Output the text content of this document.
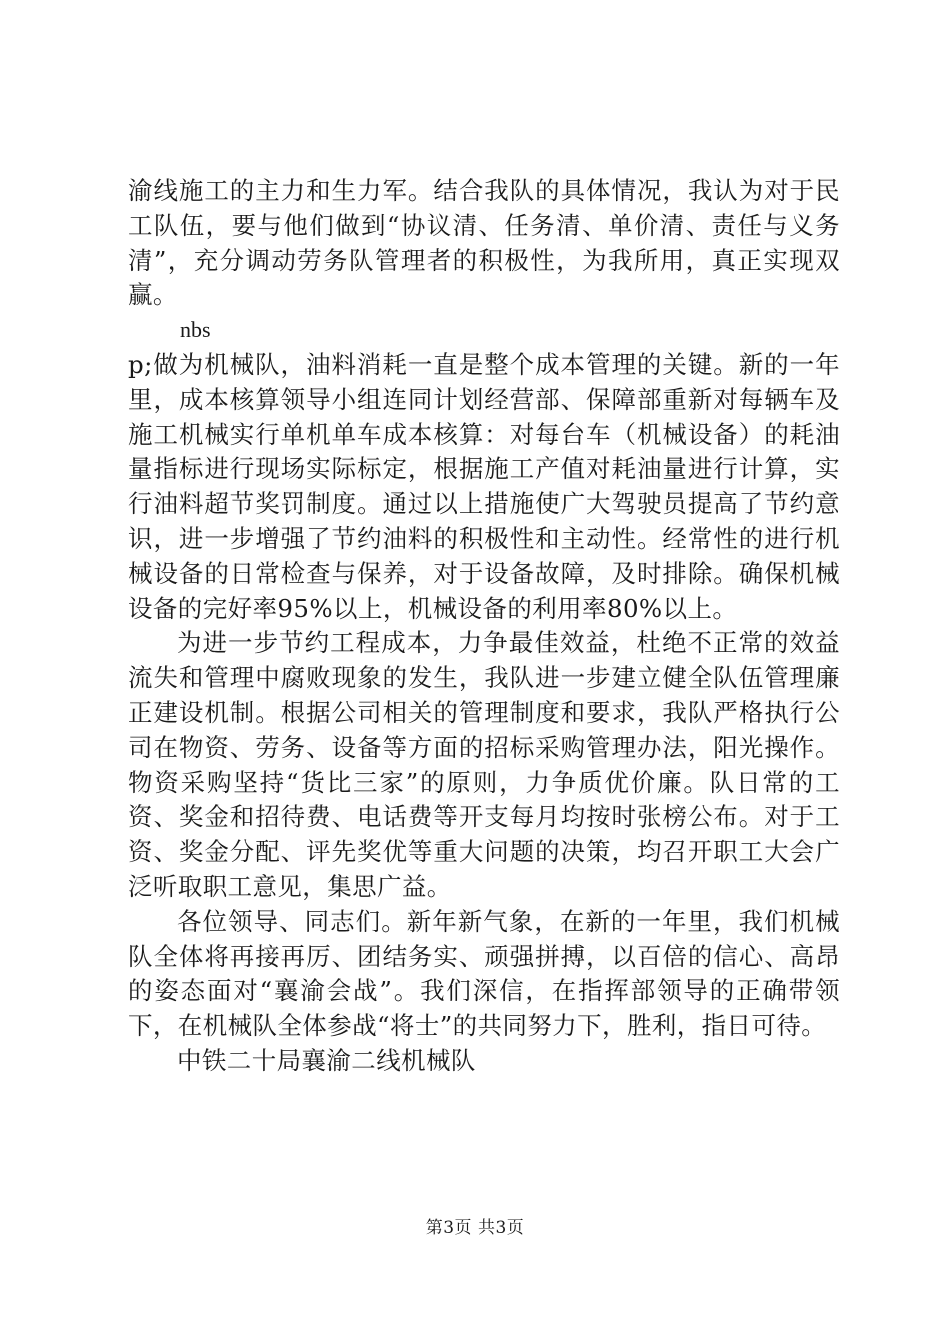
渝线施工的主力和生力军。结合我队的具体情况，我认为对于民工队伍，要与他们做到“协议清、任务清、单价清、责任与义务清”，充分调动劳务队管理者的积极性，为我所用，真正实现双赢。

nbs

p;做为机械队，油料消耗一直是整个成本管理的关键。新的一年里，成本核算领导小组连同计划经营部、保障部重新对每辆车及施工机械实行单机单车成本核算：对每台车（机械设备）的耗油量指标进行现场实际标定，根据施工产值对耗油量进行计算，实行油料超节奖罚制度。通过以上措施使广大驾驶员提高了节约意识，进一步增强了节约油料的积极性和主动性。经常性的进行机械设备的日常检查与保养，对于设备故障，及时排除。确保机械设备的完好率95%以上，机械设备的利用率80%以上。

为进一步节约工程成本，力争最佳效益，杜绝不正常的效益流失和管理中腐败现象的发生，我队进一步建立健全队伍管理廉正建设机制。根据公司相关的管理制度和要求，我队严格执行公司在物资、劳务、设备等方面的招标采购管理办法，阳光操作。物资采购坚持“货比三家”的原则，力争质优价廉。队日常的工资、奖金和招待费、电话费等开支每月均按时张榜公布。对于工资、奖金分配、评先奖优等重大问题的决策，均召开职工大会广泛听取职工意见，集思广益。

各位领导、同志们。新年新气象，在新的一年里，我们机械队全体将再接再厉、团结务实、顽强拼搏，以百倍的信心、高昂的姿态面对“襄渝会战”。我们深信，在指挥部领导的正确带领下，在机械队全体参战“将士”的共同努力下，胜利，指日可待。

中铁二十局襄渝二线机械队

第3页 共3页
